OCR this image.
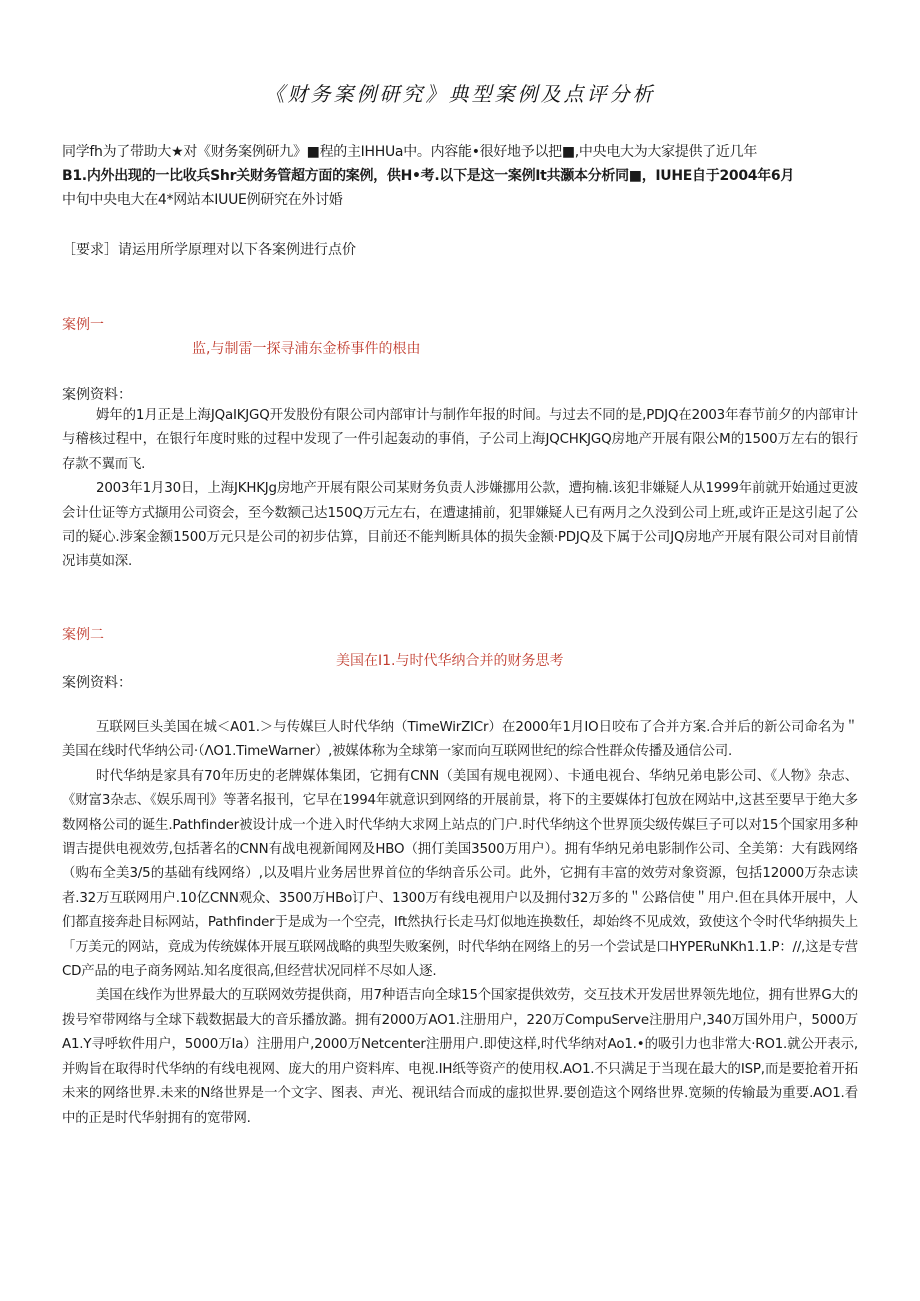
《财务案例研究》典型案例及点评分析
同学fh为了带助大★对《财务案例研九》■程的主IHHUa中。内容能•很好地予以把■,中央电大为大家提供了近几年
B1.内外出现的一比收兵Shr关财务管超方面的案例，供H•考.以下是这一案例It共灏本分析同■，IUHE自于2004年6月
中旬中央电大在4*网站本IUUE例研究在外讨婚
［要求］请运用所学原理对以下各案例进行点价
案例一
监,与制雷一探寻浦东金桥事件的根由
案例资料：

姆年的1月正是上海JQaIKJGQ开发股份有限公司内部审计与制作年报的时间。与过去不同的是,PDJQ在2003年春节前夕的内部审计与稽核过程中，在银行年度时账的过程中发现了一件引起轰动的事俏，子公司上海JQCHKJGQ房地产开展有限公M的1500万左右的银行存款不翼而飞.

2003年1月30日，上海JKHKJg房地产开展有限公司某财务负责人涉嫌挪用公款，遭拘楠.该犯非嫌疑人从1999年前就开始通过更波会计仕证等方式撷用公司资会，至今数额己达150Q万元左右，在遭逮捕前，犯罪嫌疑人已有两月之久没到公司上班,或许正是这引起了公司的疑心.涉案金额1500万元只是公司的初步估算，目前还不能判断具体的损失金额·PDJQ及下属于公司JQ房地产开展有限公司对目前情况讳莫如深.

案例二
美国在I1.与时代华纳合并的财务思考
案例资料：

互联网巨头美国在城＜A01.＞与传媒巨人时代华纳（TimeW​i​rZICr）在2000年1月IO日咬布了合并方案.合并后的新公司命名为＂美国在线时代华纳公司·（ΛO1.TimeWarner）,被媒体称为全球第一家而向互联网世纪的综合性群众传播及通信公司.

时代华纳是家具有70年历史的老牌媒体集团，它拥有CNN（美国有规电视网）、卡通电视台、华纳兄弟电影公司、《人物》杂志、《财富3杂志、《娱乐周刊》等著名报刊，它早在1994年就意识到网络的开展前景，将下的主要媒体打包放在网站中,这甚至要早于绝大多数网格公司的诞生.Pathfinder被设计成一个进入时代华纳大求网上站点的门户.时代华纳这个世界顶尖级传媒巨子可以对15个国家用多种谓吉提供电视效劳,包括著名的CNN有战电视新闻网及HBO（拥仃美国3500万用户）。拥有华纳兄弟电影制作公司、全美第：大有践网络（购布全美3/5的基础有线网络）,以及唱片业务居世界首位的华纳音乐公司。此外，它拥有丰富的效劳对象资源，包括12000万杂志读者.32万互联网用户.10亿CNN观众、3500万HBo订户、1300万有线电视用户以及拥付32万多的＂公路信使＂用户.但在具体开展中，人们都直接奔赴目标网站，Pathfinder于是成为一个空壳，Ift然执行长走马灯似地连换数任，却始终不见成效，致使这个令时代华纳损失上「万美元的网站，竟成为传统媒体开展互联网战略的典型失败案例，时代华纳在网络上的另一个尝试是口HYPERuNKh1.1.P：//,这是专营CD产品的电子商务网站.知名度很高,但经营状况同样不尽如人逐.

美国在线作为世界最大的互联网效劳提供商，用7种语吉向全球15个国家提供效劳，交互技术开发居世界领先地位，拥有世界G大的拨号窄带网络与全球下载数据最大的音乐播放潞。拥有2000万AO1.注册用户，220万CompuServe注册用户,340万国外用户，5000万A1.Y寻呼软件用户，5000万Ia）注册用户,2000万Netcenter注册用户.即使这样,时代华纳对Ao1.•的吸引力也非常大·RO1.就公开表示,并购旨在取得时代华纳的有线电视网、庞大的用户资料库、电视.IH纸等资产的使用权.AO1.不只满足于当现在最大的ISP,而是要抢着开拓未来的网络世界.未来的N络世界是一个文字、图表、声光、视讯结合而成的虚拟世界.要创造这个网络世界.宽频的传输最为重要.AO1.看中的正是时代华射拥有的宽带网.
